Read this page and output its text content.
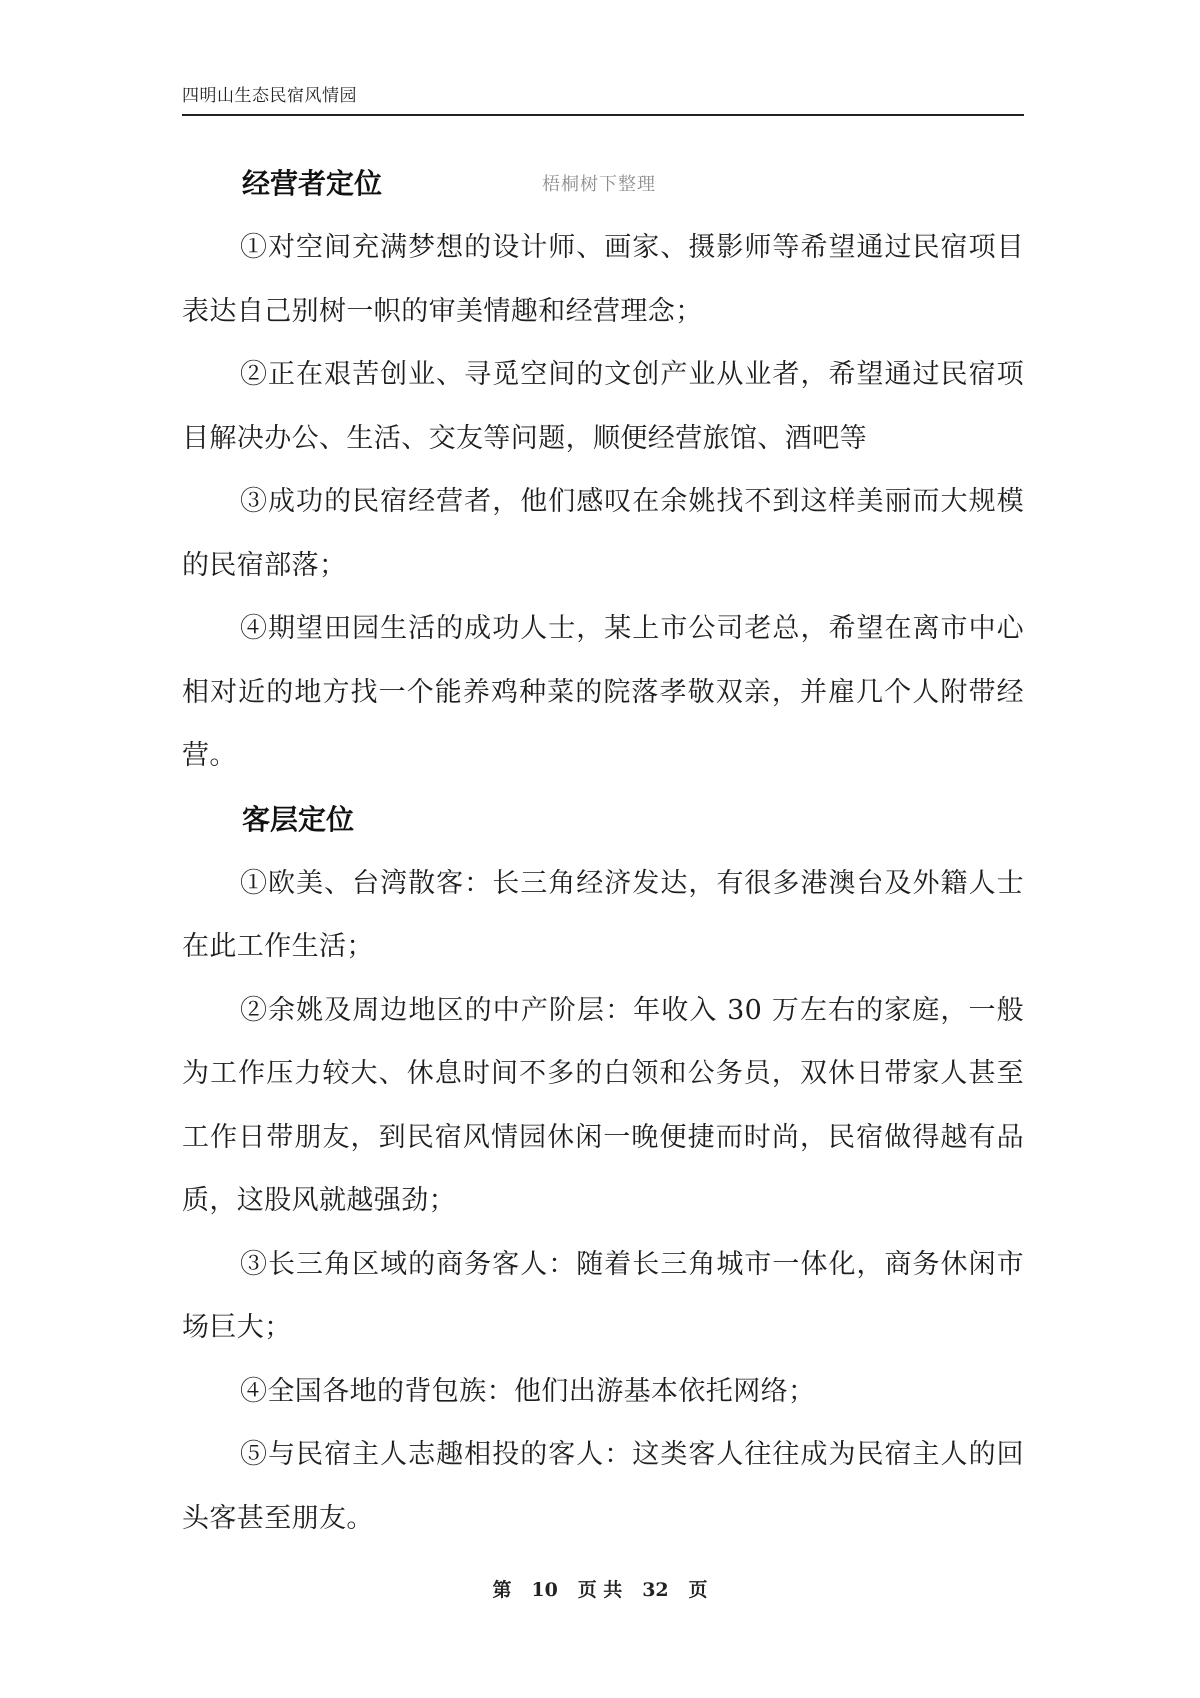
四明山生态民宿风情园
经营者定位	梧桐树下整理

①对空间充满梦想的设计师、画家、摄影师等希望通过民宿项目表达自己别树一帜的审美情趣和经营理念；

②正在艰苦创业、寻觅空间的文创产业从业者，希望通过民宿项目解决办公、生活、交友等问题，顺便经营旅馆、酒吧等

③成功的民宿经营者，他们感叹在余姚找不到这样美丽而大规模的民宿部落；

④期望田园生活的成功人士，某上市公司老总，希望在离市中心相对近的地方找一个能养鸡种菜的院落孝敬双亲，并雇几个人附带经营。

客层定位

①欧美、台湾散客：长三角经济发达，有很多港澳台及外籍人士在此工作生活；

②余姚及周边地区的中产阶层：年收入 30 万左右的家庭，一般为工作压力较大、休息时间不多的白领和公务员，双休日带家人甚至工作日带朋友，到民宿风情园休闲一晚便捷而时尚，民宿做得越有品质，这股风就越强劲；

③长三角区域的商务客人：随着长三角城市一体化，商务休闲市场巨大；

④全国各地的背包族：他们出游基本依托网络；

⑤与民宿主人志趣相投的客人：这类客人往往成为民宿主人的回头客甚至朋友。

第 10 页 共 32 页
